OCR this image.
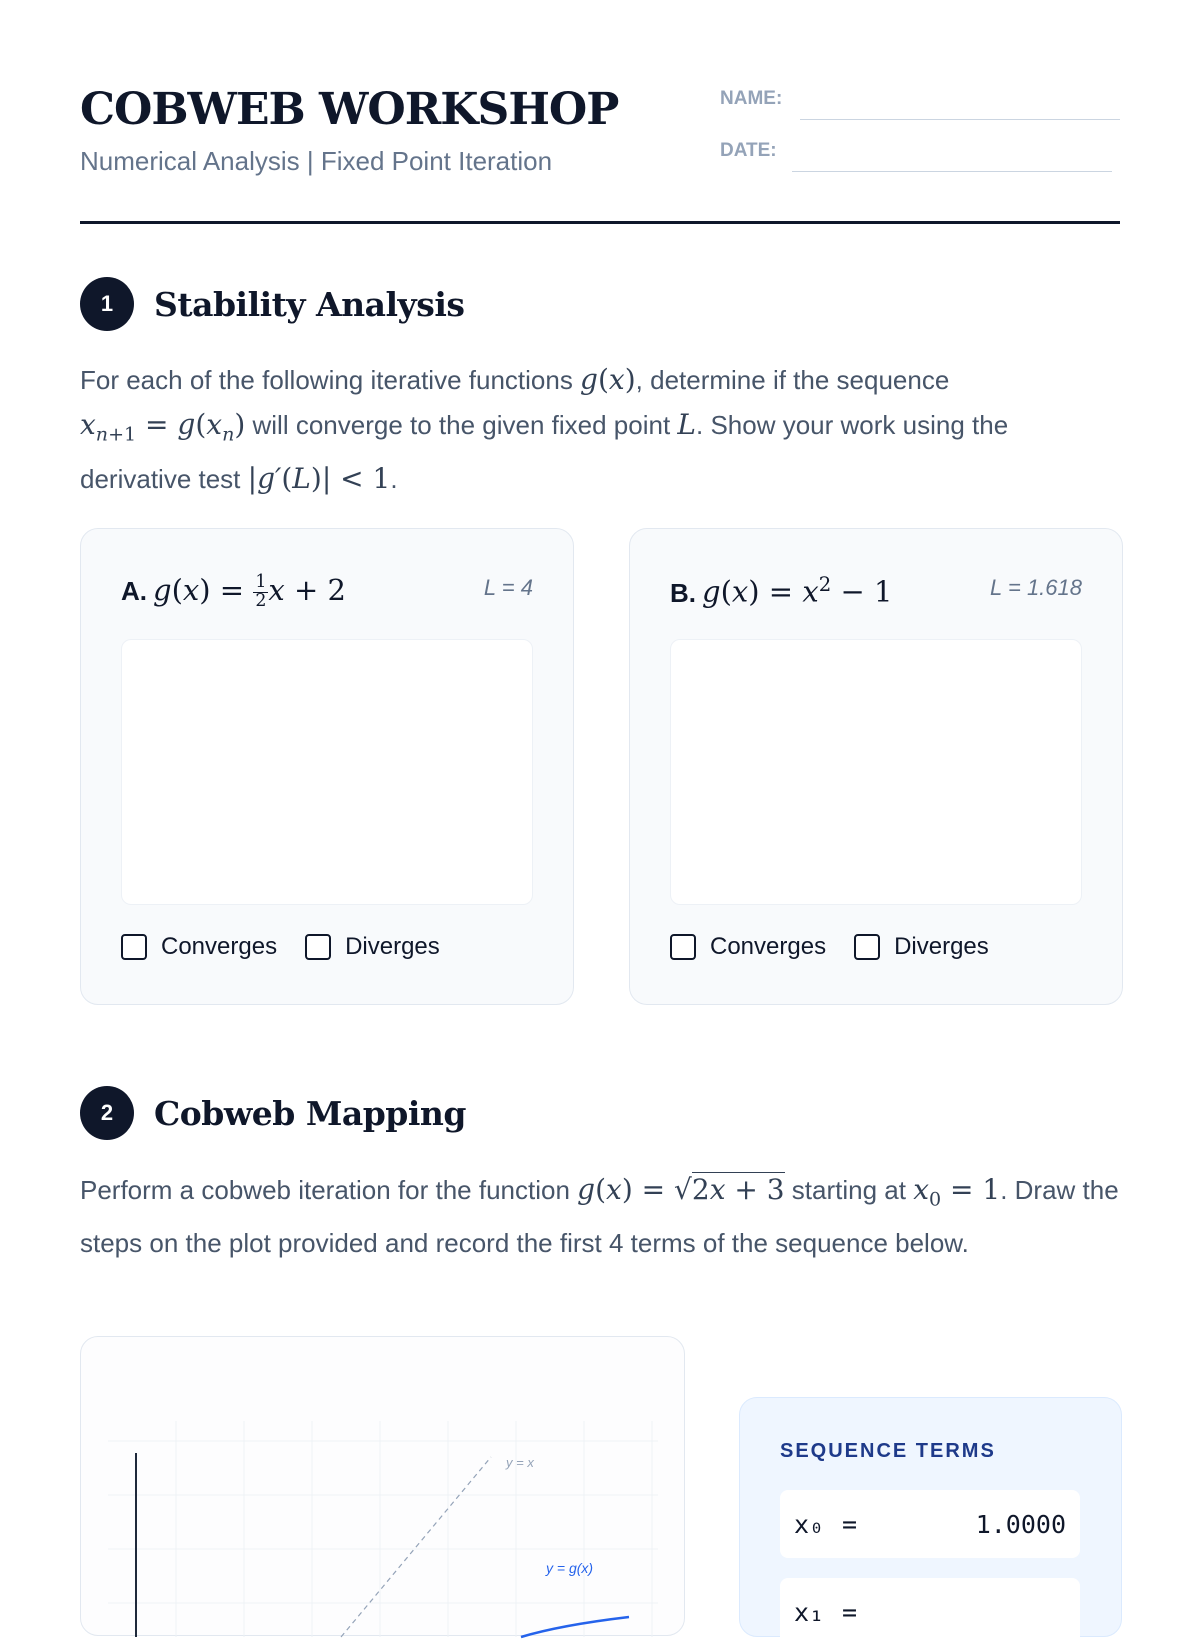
COBWEB WORKSHOP
Numerical Analysis | Fixed Point Iteration
NAME:
DATE:
1	Stability Analysis
For each of the following iterative functions g(x), determine if the sequence $x_{n+1} = g(x_n)$ will converge to the given fixed point L. Show your work using the derivative test |g′(L)| < 1.
A. $g(x) = \frac{1}{2}$ x + 2	L = 4
Converges	Diverges
B. $g(x) = x^2 - 1$	L = 1.618
Converges	Diverges
2	Cobweb Mapping
Perform a cobweb iteration for the function g(x) = √2x + 3 starting at $x_0 = 1$. Draw the steps on the plot provided and record the first 4 terms of the sequence below.
y = x
y = g(x)
SEQUENCE TERMS
x₀ =	1.0000
x₁ =
